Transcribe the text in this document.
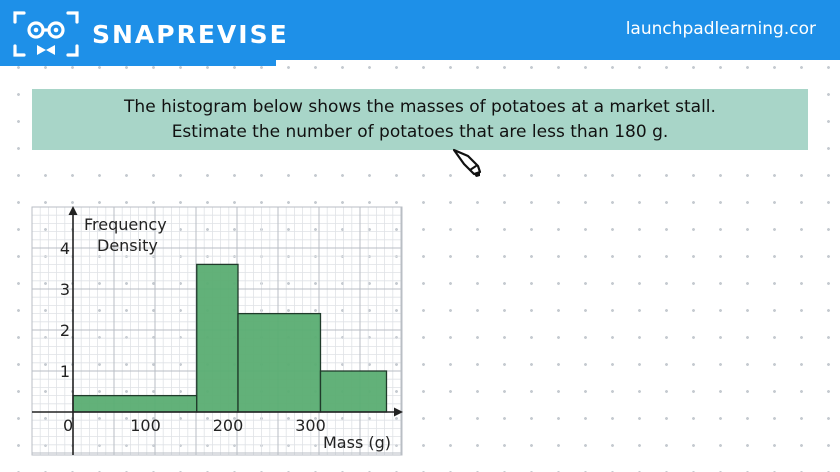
SNAPREVISE	launchpadlearning.cor
The histogram below shows the masses of potatoes at a market stall.
Estimate the number of potatoes that are less than 180 g.
0	100	200	300
1
2
3
4
Frequency
Density
Mass (g)
